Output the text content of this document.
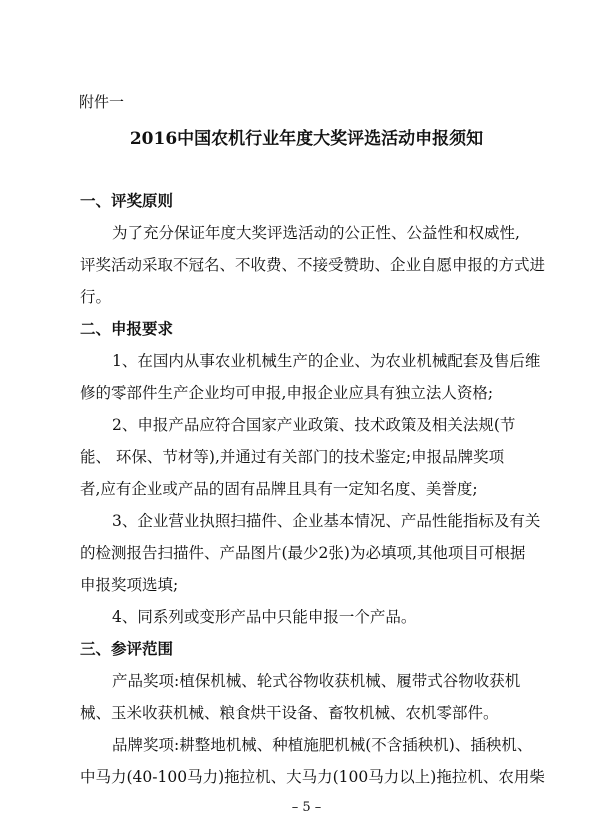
附件一
2016中国农机行业年度大奖评选活动申报须知
一、评奖原则
为了充分保证年度大奖评选活动的公正性、公益性和权威性,
评奖活动采取不冠名、不收费、不接受赞助、企业自愿申报的方式进
行。
二、申报要求
1、在国内从事农业机械生产的企业、为农业机械配套及售后维
修的零部件生产企业均可申报,申报企业应具有独立法人资格;
2、申报产品应符合国家产业政策、技术政策及相关法规(节
能、 环保、节材等),并通过有关部门的技术鉴定;申报品牌奖项
者,应有企业或产品的固有品牌且具有一定知名度、美誉度;
3、企业营业执照扫描件、企业基本情况、产品性能指标及有关
的检测报告扫描件、产品图片(最少2张)为必填项,其他项目可根据
申报奖项选填;
4、同系列或变形产品中只能申报一个产品。
三、参评范围
产品奖项:植保机械、轮式谷物收获机械、履带式谷物收获机
械、玉米收获机械、粮食烘干设备、畜牧机械、农机零部件。
品牌奖项:耕整地机械、种植施肥机械(不含插秧机)、插秧机、
中马力(40-100马力)拖拉机、大马力(100马力以上)拖拉机、农用柴
– 5 –
